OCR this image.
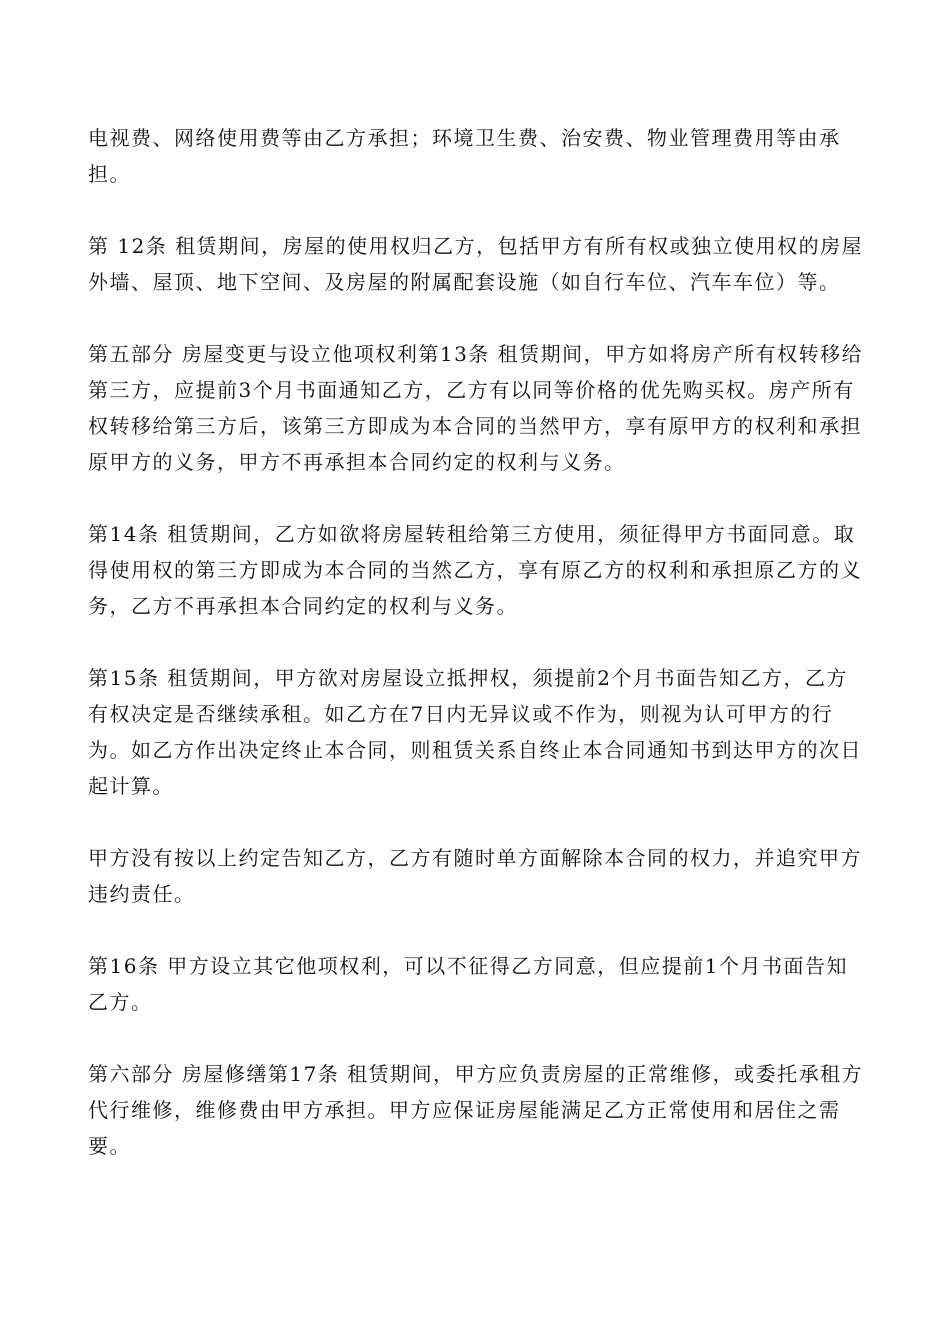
电视费、网络使用费等由乙方承担；环境卫生费、治安费、物业管理费用等由承担。

第 12条 租赁期间，房屋的使用权归乙方，包括甲方有所有权或独立使用权的房屋外墙、屋顶、地下空间、及房屋的附属配套设施（如自行车位、汽车车位）等。

第五部分 房屋变更与设立他项权利第13条 租赁期间，甲方如将房产所有权转移给第三方，应提前3个月书面通知乙方，乙方有以同等价格的优先购买权。房产所有权转移给第三方后，该第三方即成为本合同的当然甲方，享有原甲方的权利和承担原甲方的义务，甲方不再承担本合同约定的权利与义务。

第14条 租赁期间，乙方如欲将房屋转租给第三方使用，须征得甲方书面同意。取得使用权的第三方即成为本合同的当然乙方，享有原乙方的权利和承担原乙方的义务，乙方不再承担本合同约定的权利与义务。

第15条 租赁期间，甲方欲对房屋设立抵押权，须提前2个月书面告知乙方，乙方有权决定是否继续承租。如乙方在7日内无异议或不作为，则视为认可甲方的行为。如乙方作出决定终止本合同，则租赁关系自终止本合同通知书到达甲方的次日起计算。

甲方没有按以上约定告知乙方，乙方有随时单方面解除本合同的权力，并追究甲方违约责任。

第16条 甲方设立其它他项权利，可以不征得乙方同意，但应提前1个月书面告知乙方。

第六部分 房屋修缮第17条 租赁期间，甲方应负责房屋的正常维修，或委托承租方代行维修，维修费由甲方承担。甲方应保证房屋能满足乙方正常使用和居住之需要。
